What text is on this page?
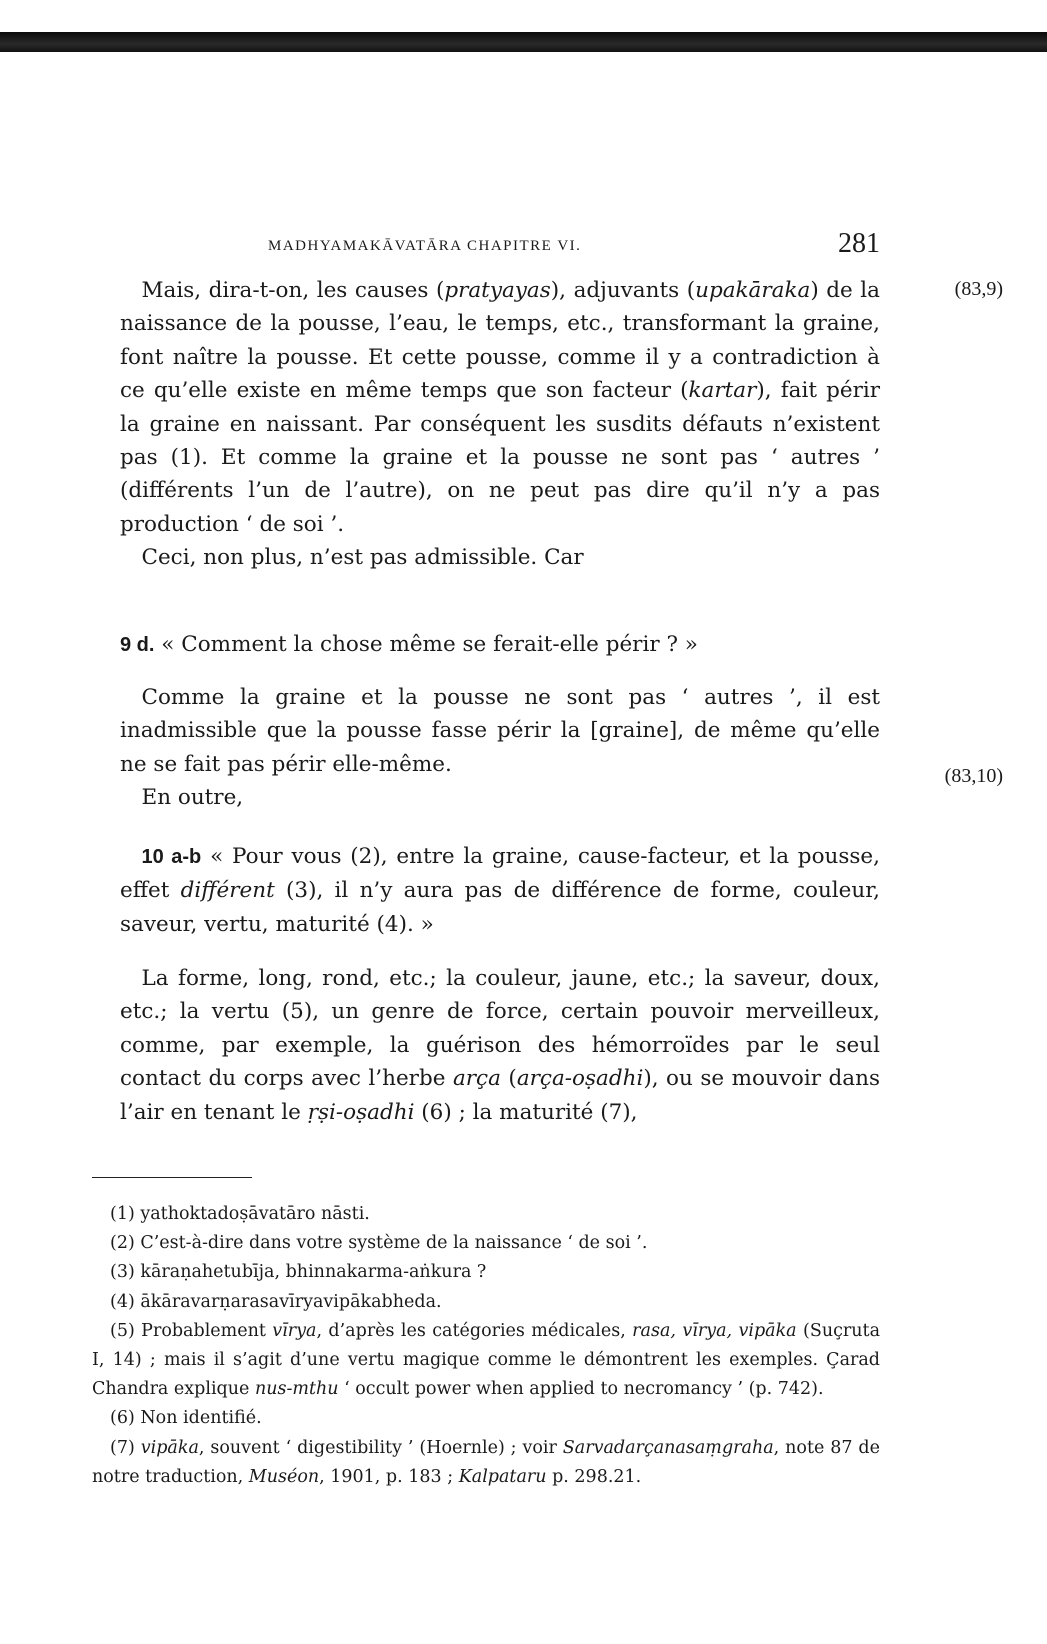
MADHYAMAKĀVATĀRA CHAPITRE VI.	281
(83,9)
(83,10)

 Mais, dira-t-on, les causes (pratyayas), adjuvants (upakāraka) de la naissance de la pousse, l’eau, le temps, etc., transformant la graine, font naître la pousse. Et cette pousse, comme il y a contradiction à ce qu’elle existe en même temps que son facteur (kartar), fait périr la graine en naissant. Par conséquent les susdits défauts n’existent pas (1). Et comme la graine et la pousse ne sont pas ‘ autres ’ (différents l’un de l’autre), on ne peut pas dire qu’il n’y a pas production ‘ de soi ’.

 Ceci, non plus, n’est pas admissible. Car

9 d. « Comment la chose même se ferait-elle périr ? »

 Comme la graine et la pousse ne sont pas ‘ autres ’, il est inadmissible que la pousse fasse périr la [graine], de même qu’elle ne se fait pas périr elle-même.

 En outre,

 10 a-b « Pour vous (2), entre la graine, cause-facteur, et la pousse, effet différent (3), il n’y aura pas de différence de forme, couleur, saveur, vertu, maturité (4). »

 La forme, long, rond, etc.; la couleur, jaune, etc.; la saveur, doux, etc.; la vertu (5), un genre de force, certain pouvoir merveilleux, comme, par exemple, la guérison des hémorroïdes par le seul contact du corps avec l’herbe arça (arça-oṣadhi), ou se mouvoir dans l’air en tenant le ṛṣi-oṣadhi (6) ; la maturité (7),

(1) yathoktadoṣāvatāro nāsti.

(2) C’est-à-dire dans votre système de la naissance ‘ de soi ’.

(3) kāraṇahetubīja, bhinnakarma-aṅkura ?

(4) ākāravarṇarasavīryavipākabheda.

(5) Probablement vīrya, d’après les catégories médicales, rasa, vīrya, vipāka (Suçruta I, 14) ; mais il s’agit d’une vertu magique comme le démontrent les exemples. Çarad Chandra explique nus-mthu ‘ occult power when applied to necromancy ’ (p. 742).

(6) Non identifié.

(7) vipāka, souvent ‘ digestibility ’ (Hoernle) ; voir Sarvadarçanasaṃgraha, note 87 de notre traduction, Muséon, 1901, p. 183 ; Kalpataru p. 298.21.
